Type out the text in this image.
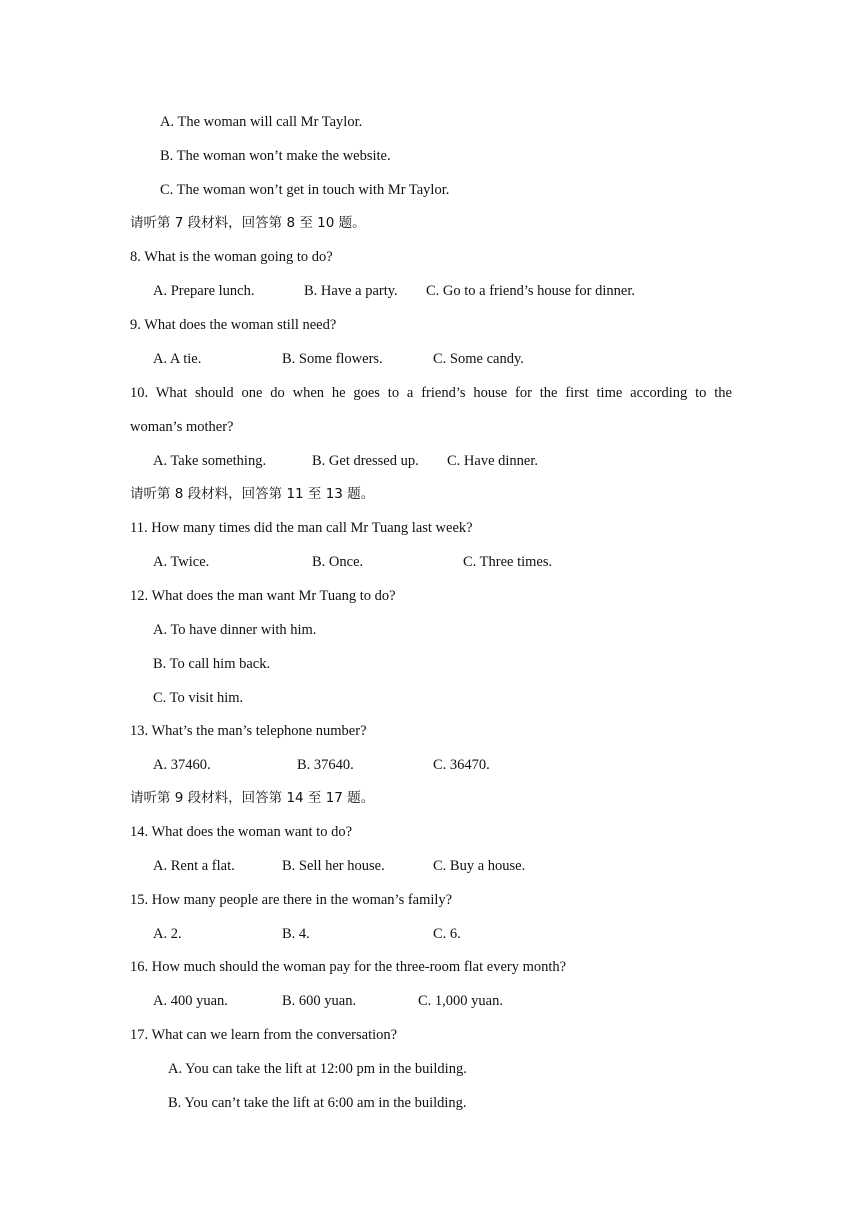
A. The woman will call Mr Taylor.
B. The woman won’t make the website.
C. The woman won’t get in touch with Mr Taylor.
请听第 7 段材料，回答第 8 至 10 题。
8. What is the woman going to do?
A. Prepare lunch.	B. Have a party. C. Go to a friend’s house for dinner.
9. What does the woman still need?
A. A tie.	B. Some flowers.	C. Some candy.
10. What should one do when he goes to a friend’s house for the first time according to the
woman’s mother?
A. Take something.	B. Get dressed up. C. Have dinner.
请听第 8 段材料，回答第 11 至 13 题。
11. How many times did the man call Mr Tuang last week?
A. Twice.	B. Once.	C. Three times.
12. What does the man want Mr Tuang to do?
A. To have dinner with him.
B. To call him back.
C. To visit him.
13. What’s the man’s telephone number?
A. 37460.	B. 37640.	C. 36470.
请听第 9 段材料，回答第 14 至 17 题。
14. What does the woman want to do?
A. Rent a flat.	B. Sell her house.	C. Buy a house.
15. How many people are there in the woman’s family?
A. 2.	B. 4.	C. 6.
16. How much should the woman pay for the three-room flat every month?
A. 400 yuan.	B. 600 yuan.	C. 1,000 yuan.
17. What can we learn from the conversation?
A. You can take the lift at 12:00 pm in the building.
B. You can’t take the lift at 6:00 am in the building.
